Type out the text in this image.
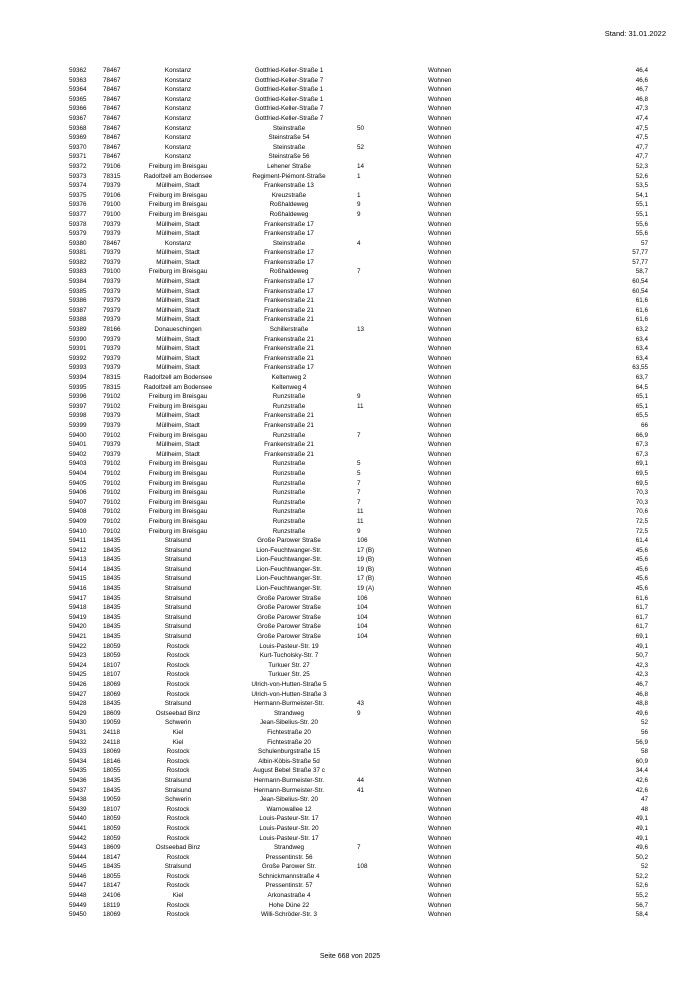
Stand: 31.01.2022
59362	78467	Konstanz	Gottfried-Keller-Straße 1	Wohnen	46,4
59363	78467	Konstanz	Gottfried-Keller-Straße 7	Wohnen	46,6
59364	78467	Konstanz	Gottfried-Keller-Straße 1	Wohnen	46,7
59365	78467	Konstanz	Gottfried-Keller-Straße 1	Wohnen	46,8
59366	78467	Konstanz	Gottfried-Keller-Straße 7	Wohnen	47,3
59367	78467	Konstanz	Gottfried-Keller-Straße 7	Wohnen	47,4
59368	78467	Konstanz	Steinstraße	50	Wohnen	47,5
59369	78467	Konstanz	Steinstraße 54	Wohnen	47,5
59370	78467	Konstanz	Steinstraße	52	Wohnen	47,7
59371	78467	Konstanz	Steinstraße 56	Wohnen	47,7
59372	79106	Freiburg im Breisgau	Lehener Straße	14	Wohnen	52,3
59373	78315	Radolfzell am Bodensee	Regiment-Piémont-Straße	1	Wohnen	52,6
59374	79379	Müllheim, Stadt	Frankenstraße 13	Wohnen	53,5
59375	79106	Freiburg im Breisgau	Kreuzstraße	1	Wohnen	54,1
59376	79100	Freiburg im Breisgau	Roßhaldeweg	9	Wohnen	55,1
59377	79100	Freiburg im Breisgau	Roßhaldeweg	9	Wohnen	55,1
59378	79379	Müllheim, Stadt	Frankenstraße 17	Wohnen	55,6
59379	79379	Müllheim, Stadt	Frankenstraße 17	Wohnen	55,6
59380	78467	Konstanz	Steinstraße	4	Wohnen	57
59381	79379	Müllheim, Stadt	Frankenstraße 17	Wohnen	57,77
59382	79379	Müllheim, Stadt	Frankenstraße 17	Wohnen	57,77
59383	79100	Freiburg im Breisgau	Roßhaldeweg	7	Wohnen	58,7
59384	79379	Müllheim, Stadt	Frankenstraße 17	Wohnen	60,54
59385	79379	Müllheim, Stadt	Frankenstraße 17	Wohnen	60,54
59386	79379	Müllheim, Stadt	Frankenstraße 21	Wohnen	61,6
59387	79379	Müllheim, Stadt	Frankenstraße 21	Wohnen	61,6
59388	79379	Müllheim, Stadt	Frankenstraße 21	Wohnen	61,6
59389	78166	Donaueschingen	Schillerstraße	13	Wohnen	63,2
59390	79379	Müllheim, Stadt	Frankenstraße 21	Wohnen	63,4
59391	79379	Müllheim, Stadt	Frankenstraße 21	Wohnen	63,4
59392	79379	Müllheim, Stadt	Frankenstraße 21	Wohnen	63,4
59393	79379	Müllheim, Stadt	Frankenstraße 17	Wohnen	63,55
59394	78315	Radolfzell am Bodensee	Keltenweg 2	Wohnen	63,7
59395	78315	Radolfzell am Bodensee	Keltenweg 4	Wohnen	64,5
59396	79102	Freiburg im Breisgau	Runzstraße	9	Wohnen	65,1
59397	79102	Freiburg im Breisgau	Runzstraße	11	Wohnen	65,1
59398	79379	Müllheim, Stadt	Frankenstraße 21	Wohnen	65,5
59399	79379	Müllheim, Stadt	Frankenstraße 21	Wohnen	66
59400	79102	Freiburg im Breisgau	Runzstraße	7	Wohnen	66,9
59401	79379	Müllheim, Stadt	Frankenstraße 21	Wohnen	67,3
59402	79379	Müllheim, Stadt	Frankenstraße 21	Wohnen	67,3
59403	79102	Freiburg im Breisgau	Runzstraße	5	Wohnen	69,1
59404	79102	Freiburg im Breisgau	Runzstraße	5	Wohnen	69,5
59405	79102	Freiburg im Breisgau	Runzstraße	7	Wohnen	69,5
59406	79102	Freiburg im Breisgau	Runzstraße	7	Wohnen	70,3
59407	79102	Freiburg im Breisgau	Runzstraße	7	Wohnen	70,3
59408	79102	Freiburg im Breisgau	Runzstraße	11	Wohnen	70,6
59409	79102	Freiburg im Breisgau	Runzstraße	11	Wohnen	72,5
59410	79102	Freiburg im Breisgau	Runzstraße	9	Wohnen	72,5
59411	18435	Stralsund	Große Parower Straße	106	Wohnen	61,4
59412	18435	Stralsund	Lion-Feuchtwanger-Str.	17 (B)	Wohnen	45,6
59413	18435	Stralsund	Lion-Feuchtwanger-Str.	19 (B)	Wohnen	45,6
59414	18435	Stralsund	Lion-Feuchtwanger-Str.	19 (B)	Wohnen	45,6
59415	18435	Stralsund	Lion-Feuchtwanger-Str.	17 (B)	Wohnen	45,6
59416	18435	Stralsund	Lion-Feuchtwanger-Str.	19 (A)	Wohnen	45,6
59417	18435	Stralsund	Große Parower Straße	106	Wohnen	61,6
59418	18435	Stralsund	Große Parower Straße	104	Wohnen	61,7
59419	18435	Stralsund	Große Parower Straße	104	Wohnen	61,7
59420	18435	Stralsund	Große Parower Straße	104	Wohnen	61,7
59421	18435	Stralsund	Große Parower Straße	104	Wohnen	69,1
59422	18059	Rostock	Louis-Pasteur-Str. 19	Wohnen	49,1
59423	18059	Rostock	Kurt-Tucholsky-Str. 7	Wohnen	50,7
59424	18107	Rostock	Turkuer Str. 27	Wohnen	42,3
59425	18107	Rostock	Turkuer Str. 25	Wohnen	42,3
59426	18069	Rostock	Ulrich-von-Hutten-Straße 5	Wohnen	46,7
59427	18069	Rostock	Ulrich-von-Hutten-Straße 3	Wohnen	46,8
59428	18435	Stralsund	Hermann-Burmeister-Str.	43	Wohnen	48,8
59429	18609	Ostseebad Binz	Strandweg	9	Wohnen	49,6
59430	19059	Schwerin	Jean-Sibelius-Str. 20	Wohnen	52
59431	24118	Kiel	Fichtestraße 20	Wohnen	56
59432	24118	Kiel	Fichtestraße 20	Wohnen	56,9
59433	18069	Rostock	Schulenburgstraße 15	Wohnen	58
59434	18146	Rostock	Albin-Köbis-Straße 5d	Wohnen	60,9
59435	18055	Rostock	August Bebel Straße 37 c	Wohnen	34,4
59436	18435	Stralsund	Hermann-Burmeister-Str.	44	Wohnen	42,6
59437	18435	Stralsund	Hermann-Burmeister-Str.	41	Wohnen	42,6
59438	19059	Schwerin	Jean-Sibelius-Str. 20	Wohnen	47
59439	18107	Rostock	Warnowallee 12	Wohnen	48
59440	18059	Rostock	Louis-Pasteur-Str. 17	Wohnen	49,1
59441	18059	Rostock	Louis-Pasteur-Str. 20	Wohnen	49,1
59442	18059	Rostock	Louis-Pasteur-Str. 17	Wohnen	49,1
59443	18609	Ostseebad Binz	Strandweg	7	Wohnen	49,6
59444	18147	Rostock	Pressentinstr. 56	Wohnen	50,2
59445	18435	Stralsund	Große Parower Str.	108	Wohnen	52
59446	18055	Rostock	Schnickmannstraße 4	Wohnen	52,2
59447	18147	Rostock	Pressentinstr. 57	Wohnen	52,6
59448	24106	Kiel	Arkonastraße 4	Wohnen	55,2
59449	18119	Rostock	Hohe Düne 22	Wohnen	56,7
59450	18069	Rostock	Willi-Schröder-Str. 3	Wohnen	58,4
Seite 668 von 2025
